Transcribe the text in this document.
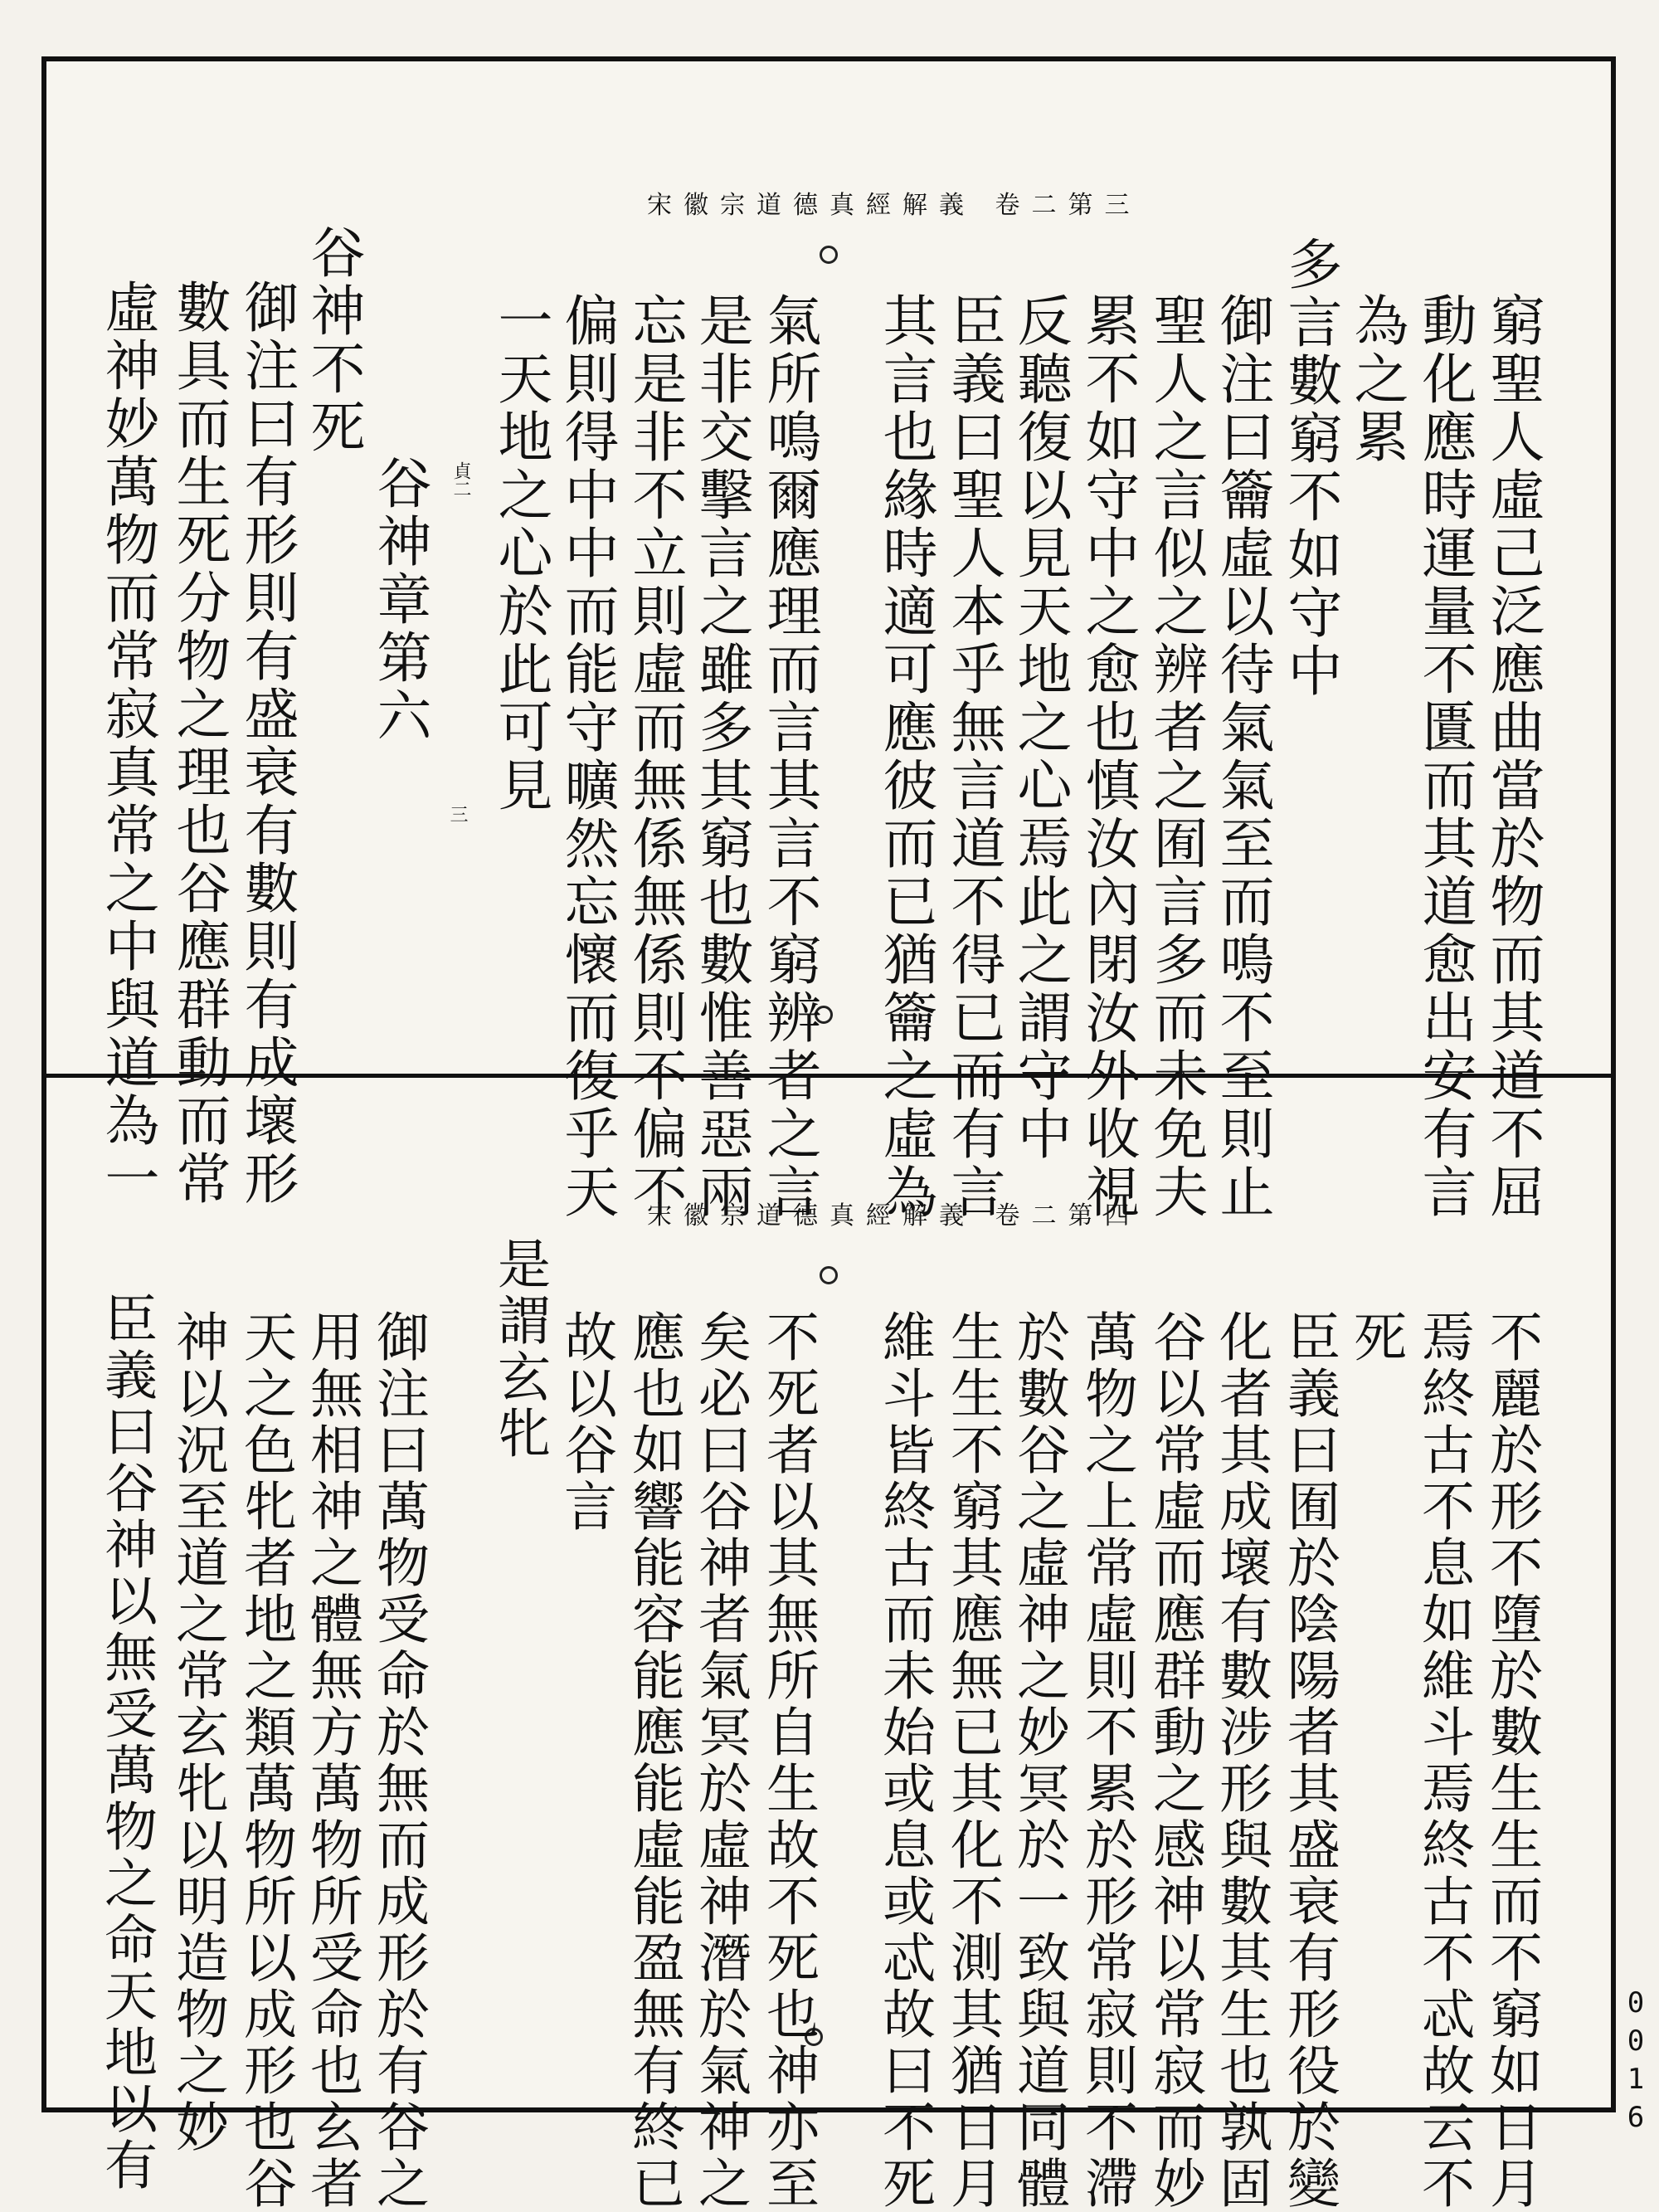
宋徽宗道德真經解義 卷二第三
貞二
三	窮聖人虛己泛應曲當於物而其道不屈
動化應時運量不匱而其道愈出安有言
為之累
多言數窮不如守中
御注曰籥虛以待氣氣至而鳴不至則止
聖人之言似之辨者之囿言多而未免夫
累不如守中之愈也慎汝內閉汝外收視
反聽復以見天地之心焉此之謂守中
臣義曰聖人本乎無言道不得已而有言
其言也緣時適可應彼而已猶籥之虛為
氣所鳴爾應理而言其言不窮辨者之言
是非交擊言之雖多其窮也數惟善惡兩
忘是非不立則虛而無係無係則不偏不
偏則得中中而能守曠然忘懷而復乎天
一天地之心於此可見
谷神章第六
谷神不死
御注曰有形則有盛衰有數則有成壞形
數具而生死分物之理也谷應群動而常
虛神妙萬物而常寂真常之中與道為一
宋徽宗道德真經解義 卷二第四
不麗於形不墮於數生生而不窮如日月
焉終古不息如維斗焉終古不忒故云不
死
臣義曰囿於陰陽者其盛衰有形役於變
化者其成壞有數涉形與數其生也孰固
谷以常虛而應群動之感神以常寂而妙
萬物之上常虛則不累於形常寂則不滯
於數谷之虛神之妙冥於一致與道同體
生生不窮其應無已其化不測其猶日月
維斗皆終古而未始或息或忒故曰不死
不死者以其無所自生故不死也神亦至
矣必曰谷神者氣冥於虛神潛於氣神之
應也如響能容能應能虛能盈無有終已
故以谷言
是謂玄牝
御注曰萬物受命於無而成形於有谷之
用無相神之體無方萬物所受命也玄者
天之色牝者地之類萬物所以成形也谷
神以況至道之常玄牝以明造物之妙
臣義曰谷神以無受萬物之命天地以有	0016
